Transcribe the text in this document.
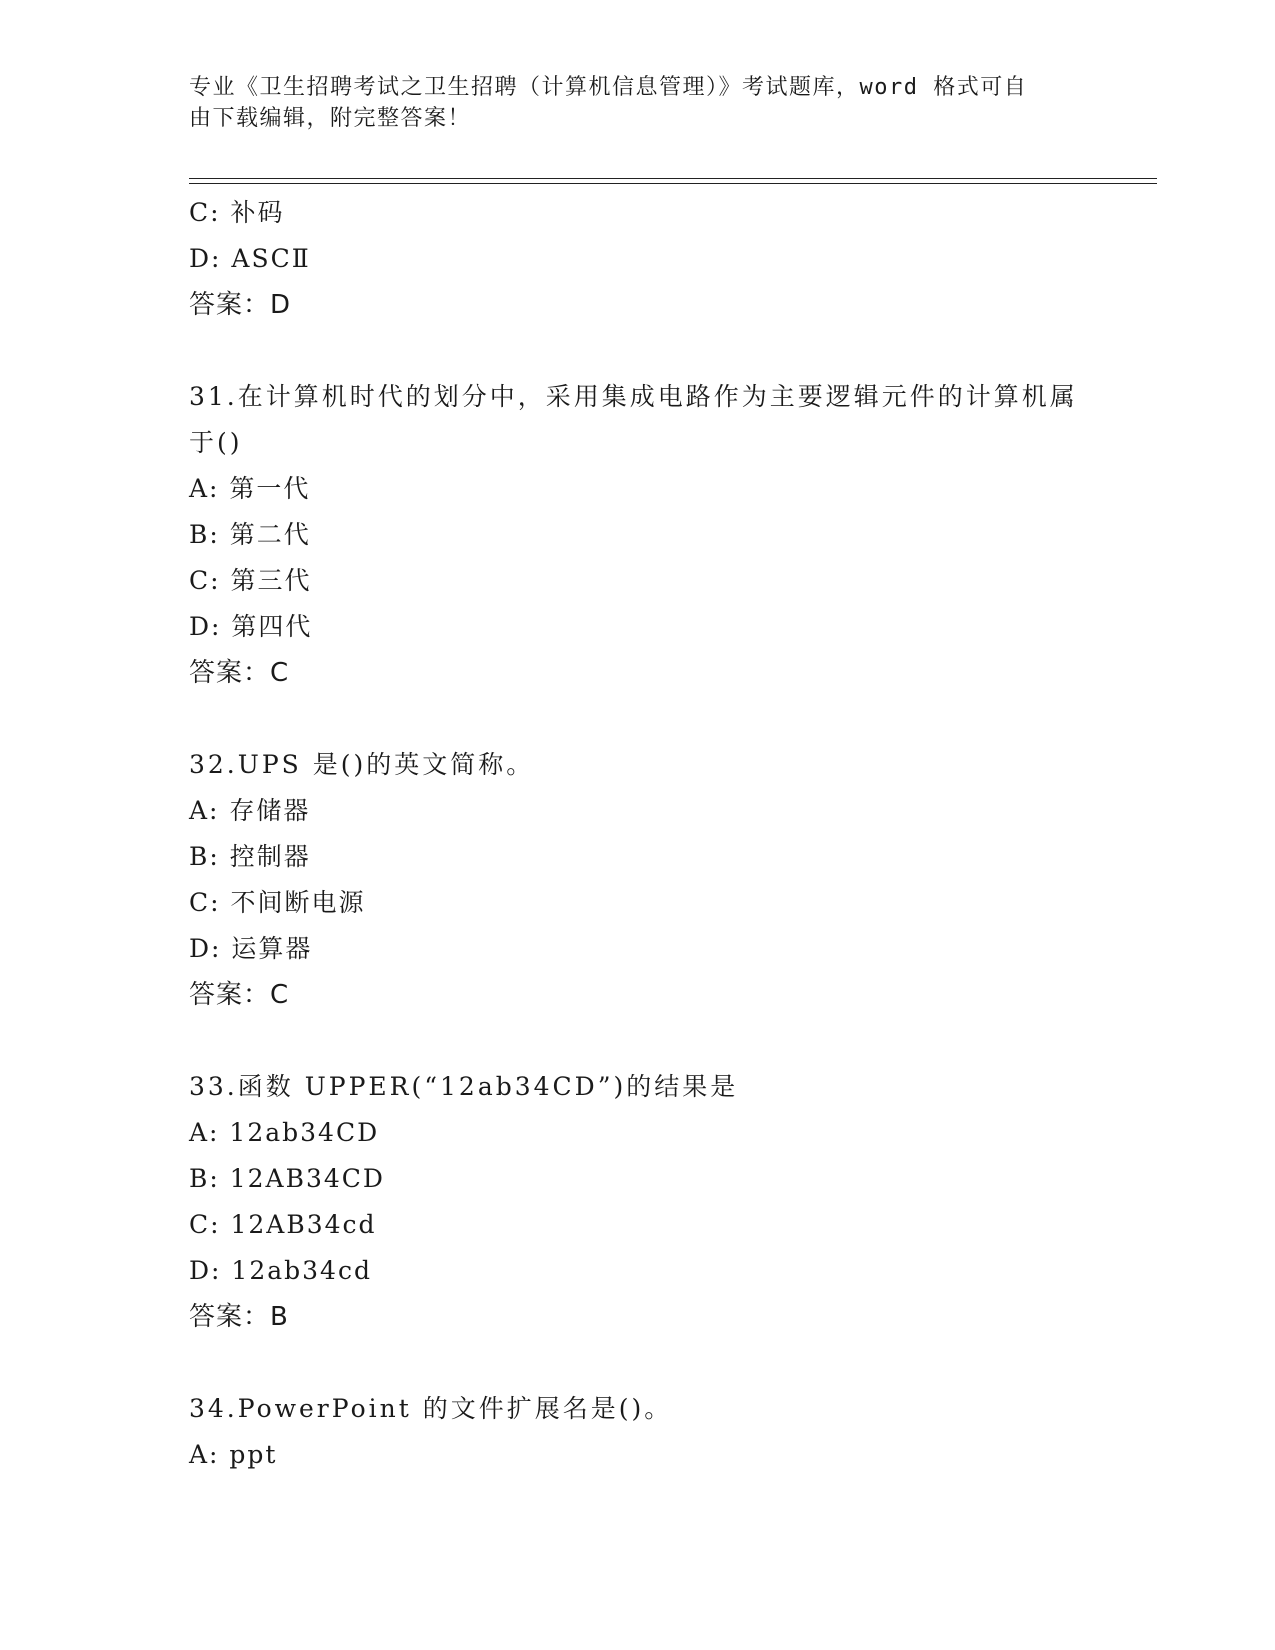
专业《卫生招聘考试之卫生招聘（计算机信息管理）》考试题库，word 格式可自
由下载编辑，附完整答案！
C: 补码
D: ASCⅡ
答案：D
31.在计算机时代的划分中，采用集成电路作为主要逻辑元件的计算机属于()
A: 第一代
B: 第二代
C: 第三代
D: 第四代
答案：C
32.UPS 是()的英文简称。
A: 存储器
B: 控制器
C: 不间断电源
D: 运算器
答案：C
33.函数 UPPER(“12ab34CD”)的结果是
A: 12ab34CD
B: 12AB34CD
C: 12AB34cd
D: 12ab34cd
答案：B
34.PowerPoint 的文件扩展名是()。
A: ppt
